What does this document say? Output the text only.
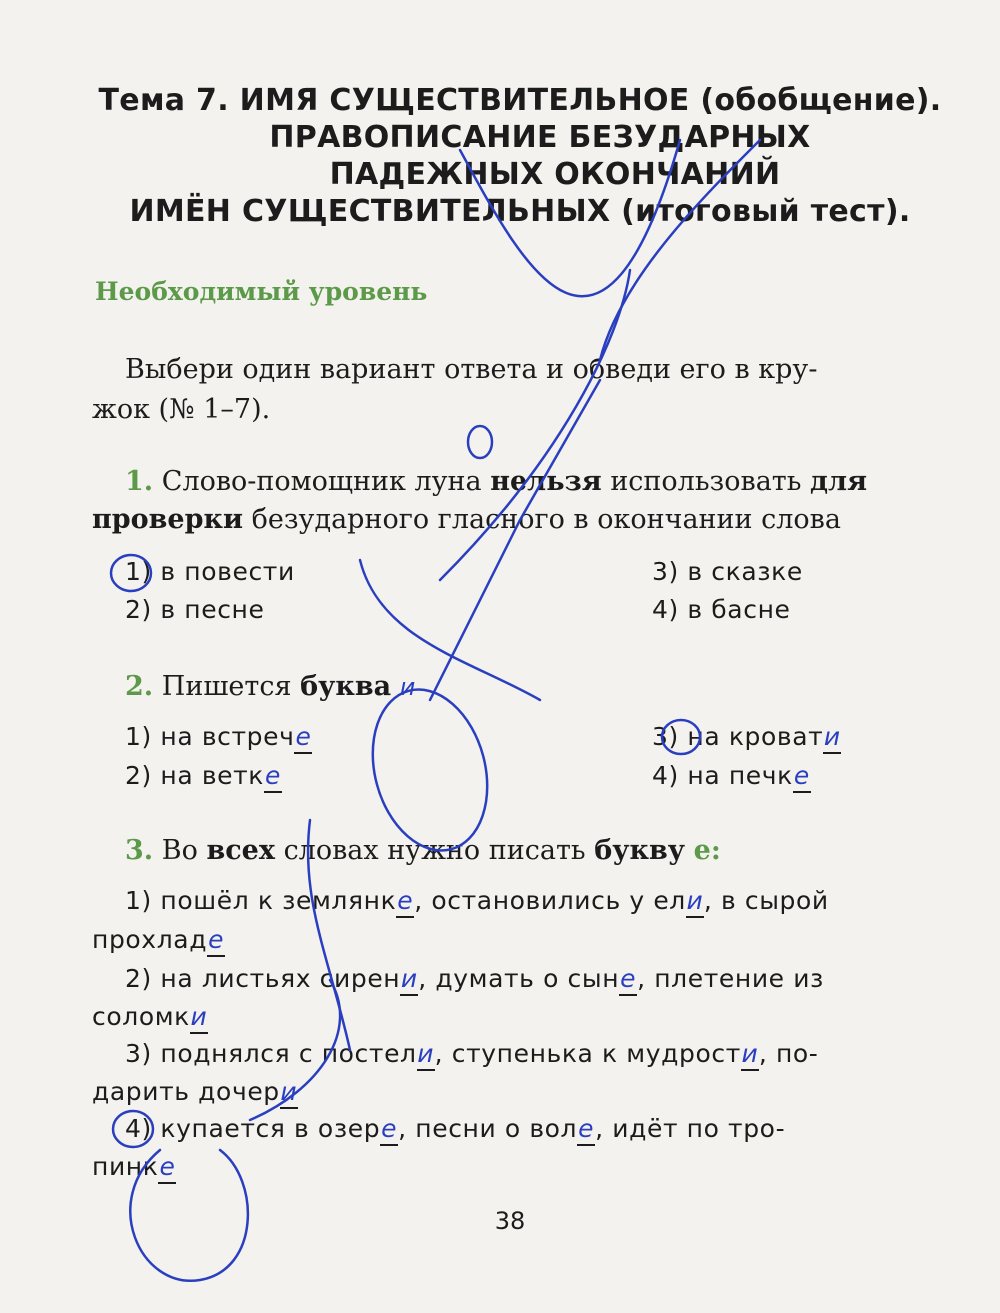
Тема 7. ИМЯ СУЩЕСТВИТЕЛЬНОЕ (обобщение).
ПРАВОПИСАНИЕ БЕЗУДАРНЫХ
ПАДЕЖНЫХ ОКОНЧАНИЙ
ИМЁН СУЩЕСТВИТЕЛЬНЫХ (итоговый тест).
Необходимый уровень
Выбери один вариант ответа и обведи его в кру-
жок (№ 1–7).
1. Слово-помощник луна нельзя использовать для
проверки безударного гласного в окончании слова
1) в повести
2) в песне
3) в сказке
4) в басне
2. Пишется буква и
1) на встрече
2) на ветке
3) на кровати
4) на печке
3. Во всех словах нужно писать букву е:
1) пошёл к землянке, остановились у ели, в сырой
прохладе
2) на листьях сирени, думать о сыне, плетение из
соломки
3) поднялся с постели, ступенька к мудрости, по-
дарить дочери
4) купается в озере, песни о воле, идёт по тро-
пинке
38
